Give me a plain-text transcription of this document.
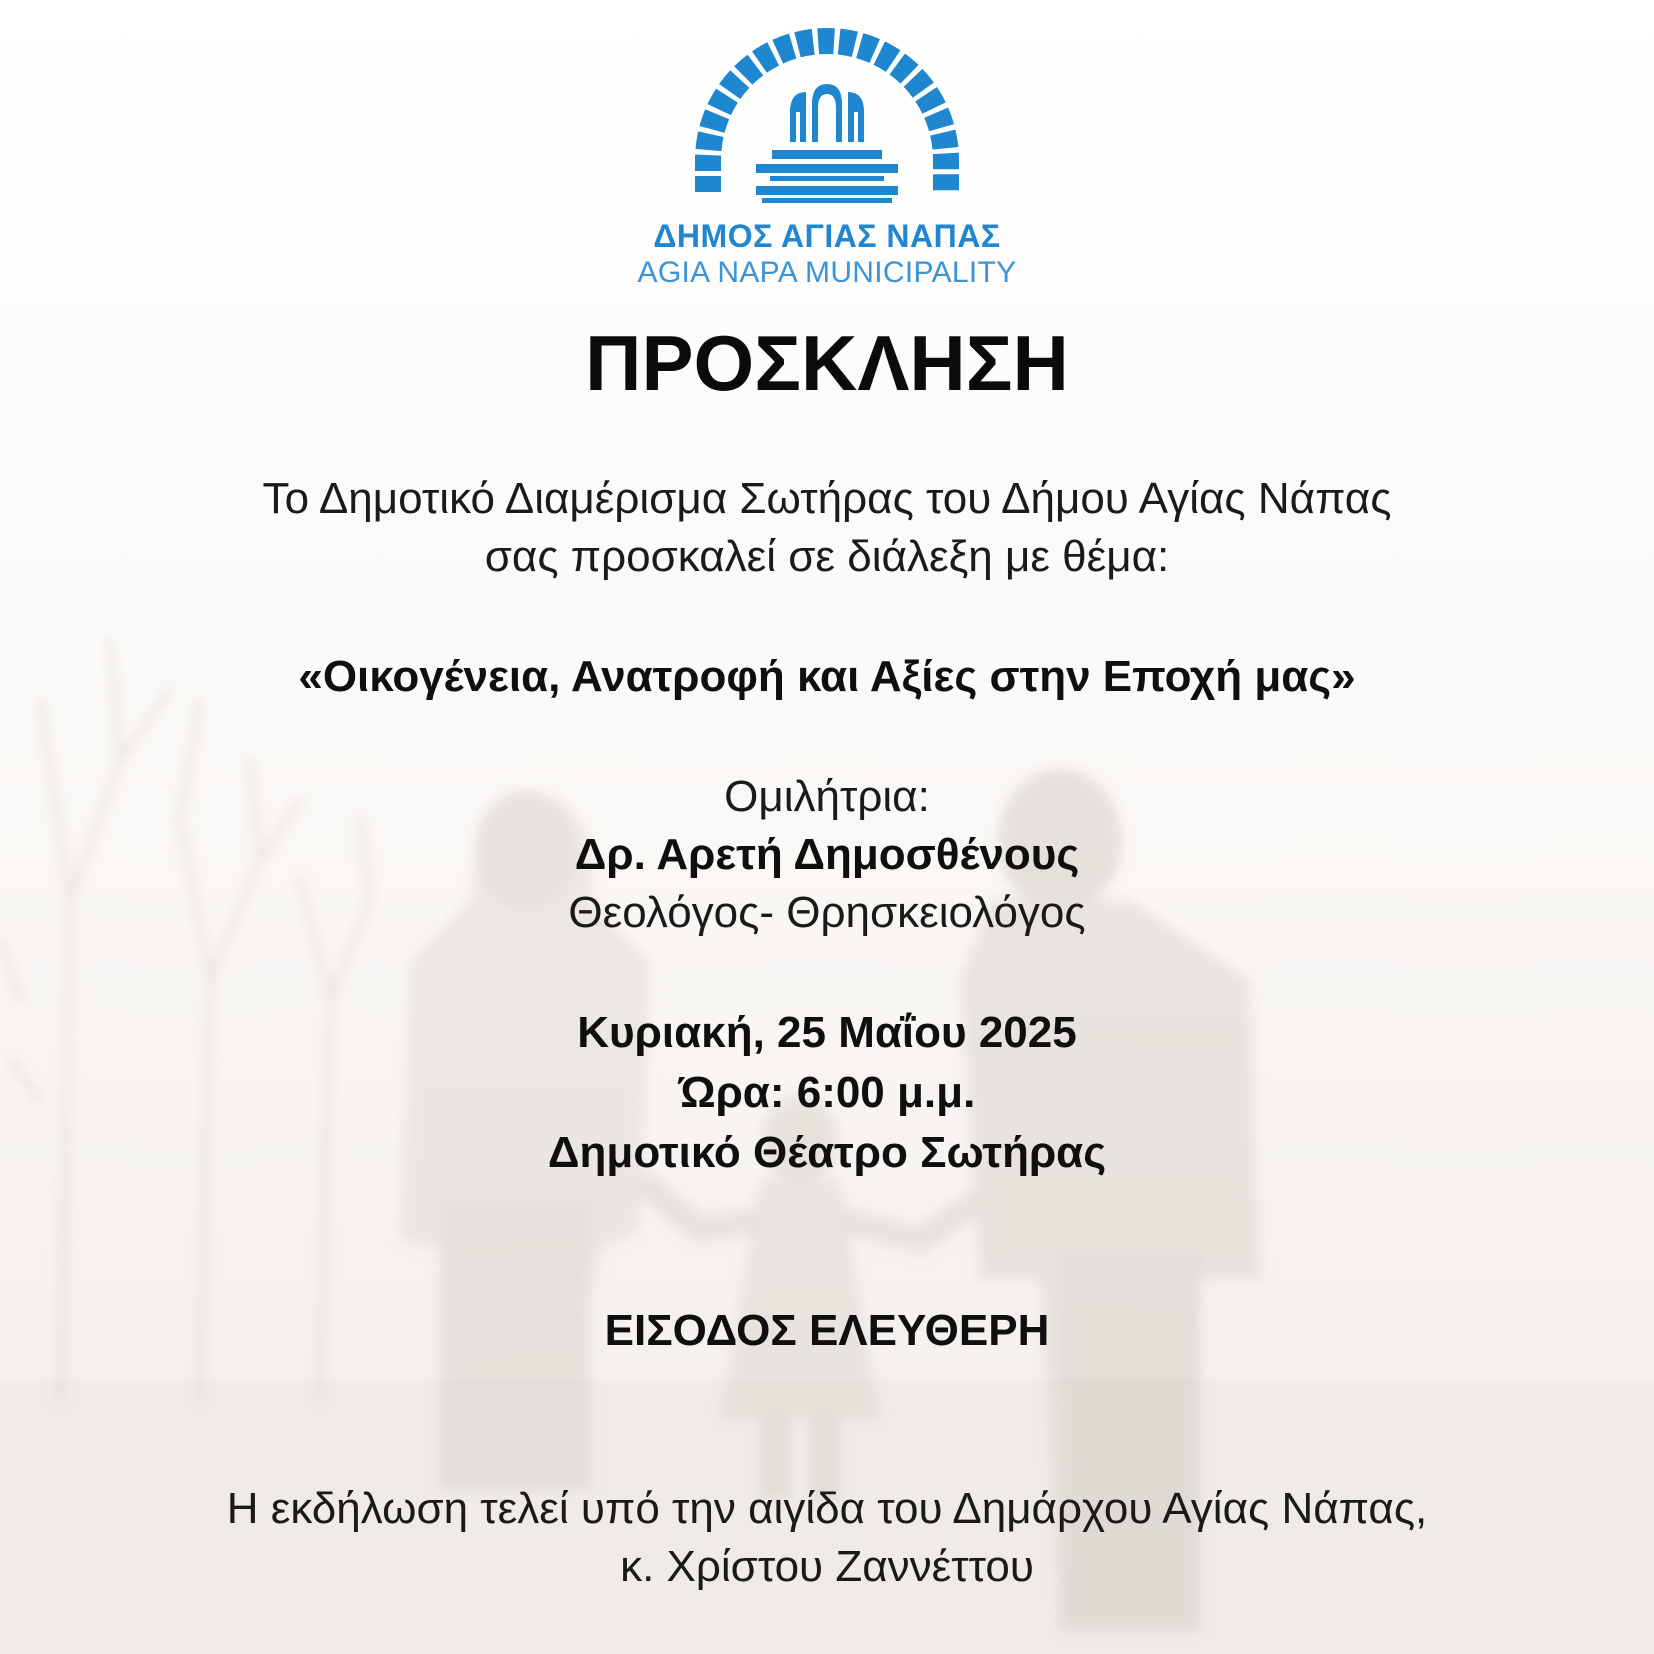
ΔΗΜΟΣ ΑΓΙΑΣ ΝΑΠΑΣ
AGIA NAPA MUNICIPALITY
ΠΡΟΣΚΛΗΣΗ
Το Δημοτικό Διαμέρισμα Σωτήρας του Δήμου Αγίας Νάπας
σας προσκαλεί σε διάλεξη με θέμα:
«Οικογένεια, Ανατροφή και Αξίες στην Εποχή μας»
Ομιλήτρια:
Δρ. Αρετή Δημοσθένους
Θεολόγος- Θρησκειολόγος
Κυριακή, 25 Μαΐου 2025
Ώρα: 6:00 μ.μ.
Δημοτικό Θέατρο Σωτήρας
ΕΙΣΟΔΟΣ ΕΛΕΥΘΕΡΗ
Η εκδήλωση τελεί υπό την αιγίδα του Δημάρχου Αγίας Νάπας,
κ. Χρίστου Ζαννέττου
